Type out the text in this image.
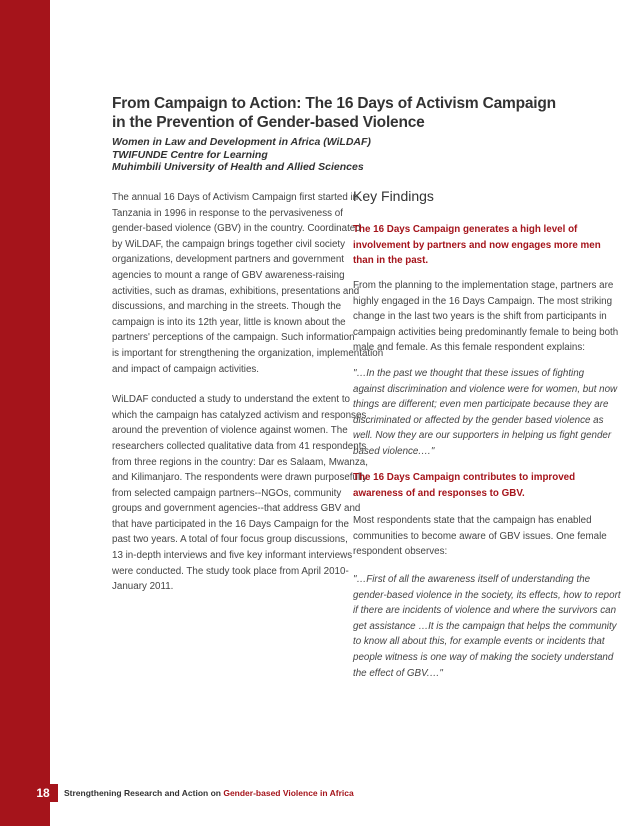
From Campaign to Action: The 16 Days of Activism Campaign
in the Prevention of Gender-based Violence
Women in Law and Development in Africa (WiLDAF)
TWIFUNDE Centre for Learning
Muhimbili University of Health and Allied Sciences

The annual 16 Days of Activism Campaign first started in
Tanzania in 1996 in response to the pervasiveness of
gender-based violence (GBV) in the country. Coordinated
by WiLDAF, the campaign brings together civil society
organizations, development partners and government
agencies to mount a range of GBV awareness-raising
activities, such as dramas, exhibitions, presentations and
discussions, and marching in the streets. Though the
campaign is into its 12th year, little is known about the
partners' perceptions of the campaign. Such information
is important for strengthening the organization, implementation
and impact of campaign activities.

WiLDAF conducted a study to understand the extent to
which the campaign has catalyzed activism and responses
around the prevention of violence against women. The
researchers collected qualitative data from 41 respondents
from three regions in the country: Dar es Salaam, Mwanza,
and Kilimanjaro. The respondents were drawn purposefully
from selected campaign partners--NGOs, community
groups and government agencies--that address GBV and
that have participated in the 16 Days Campaign for the
past two years. A total of four focus group discussions,
13 in-depth interviews and five key informant interviews
were conducted. The study took place from April 2010-
January 2011.

Key Findings
The 16 Days Campaign generates a high level of
involvement by partners and now engages more men
than in the past.
From the planning to the implementation stage, partners are
highly engaged in the 16 Days Campaign. The most striking
change in the last two years is the shift from participants in
campaign activities being predominantly female to being both
male and female. As this female respondent explains:
"…In the past we thought that these issues of fighting
against discrimination and violence were for women, but now
things are different; even men participate because they are
discriminated or affected by the gender based violence as
well. Now they are our supporters in helping us fight gender
based violence.…"
The 16 Days Campaign contributes to improved
awareness of and responses to GBV.
Most respondents state that the campaign has enabled
communities to become aware of GBV issues. One female
respondent observes:
"…First of all the awareness itself of understanding the
gender-based violence in the society, its effects, how to report
if there are incidents of violence and where the survivors can
get assistance …It is the campaign that helps the community
to know all about this, for example events or incidents that
people witness is one way of making the society understand
the effect of GBV.…"
18	Strengthening Research and Action on Gender-based Violence in Africa
